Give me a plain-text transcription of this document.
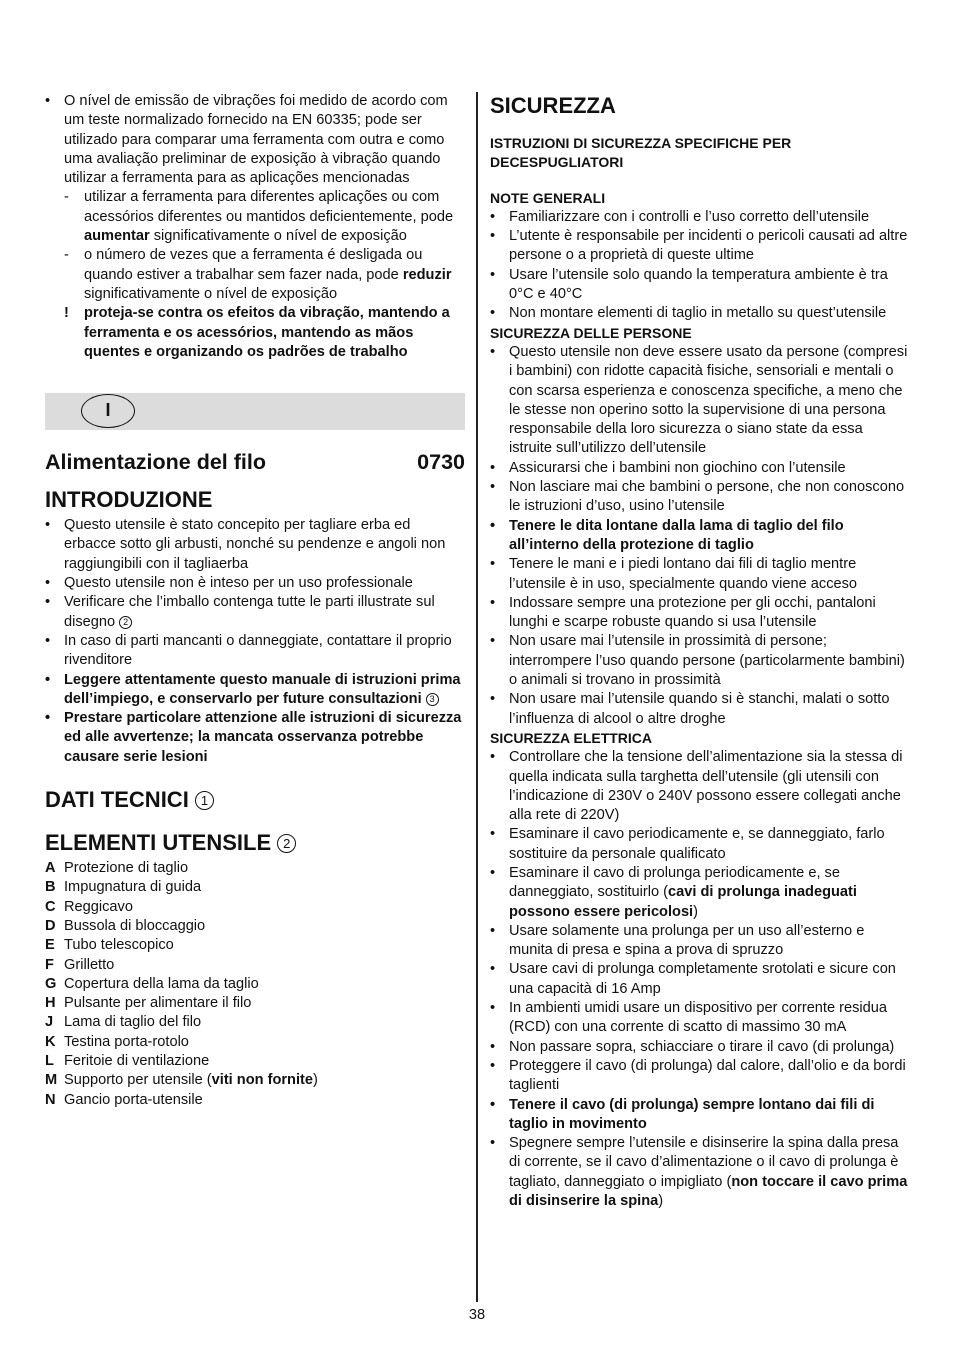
• O nível de emissão de vibrações foi medido de acordo com um teste normalizado fornecido na EN 60335; pode ser utilizado para comparar uma ferramenta com outra e como uma avaliação preliminar de exposição à vibração quando utilizar a ferramenta para as aplicações mencionadas
- utilizar a ferramenta para diferentes aplicações ou com acessórios diferentes ou mantidos deficientemente, pode aumentar significativamente o nível de exposição
- o número de vezes que a ferramenta é desligada ou quando estiver a trabalhar sem fazer nada, pode reduzir significativamente o nível de exposição
! proteja-se contra os efeitos da vibração, mantendo a ferramenta e os acessórios, mantendo as mãos quentes e organizando os padrões de trabalho
I
Alimentazione del filo	0730
INTRODUZIONE
• Questo utensile è stato concepito per tagliare erba ed erbacce sotto gli arbusti, nonché su pendenze e angoli non raggiungibili con il tagliaerba
• Questo utensile non è inteso per un uso professionale
• Verificare che l’imballo contenga tutte le parti illustrate sul disegno 2
• In caso di parti mancanti o danneggiate, contattare il proprio rivenditore
• Leggere attentamente questo manuale di istruzioni prima dell’impiego, e conservarlo per future consultazioni 3
• Prestare particolare attenzione alle istruzioni di sicurezza ed alle avvertenze; la mancata osservanza potrebbe causare serie lesioni
DATI TECNICI 1
ELEMENTI UTENSILE 2
A Protezione di taglio
B Impugnatura di guida
C Reggicavo
D Bussola di bloccaggio
E Tubo telescopico
F Grilletto
G Copertura della lama da taglio
H Pulsante per alimentare il filo
J Lama di taglio del filo
K Testina porta-rotolo
L Feritoie di ventilazione
M Supporto per utensile (viti non fornite)
N Gancio porta-utensile
SICUREZZA
ISTRUZIONI DI SICUREZZA SPECIFICHE PER DECESPUGLIATORI
NOTE GENERALI
• Familiarizzare con i controlli e l’uso corretto dell’utensile
• L’utente è responsabile per incidenti o pericoli causati ad altre persone o a proprietà di queste ultime
• Usare l’utensile solo quando la temperatura ambiente è tra 0°C e 40°C
• Non montare elementi di taglio in metallo su quest’utensile
SICUREZZA DELLE PERSONE
• Questo utensile non deve essere usato da persone (compresi i bambini) con ridotte capacità fisiche, sensoriali e mentali o con scarsa esperienza e conoscenza specifiche, a meno che le stesse non operino sotto la supervisione di una persona responsabile della loro sicurezza o siano state da essa istruite sull’utilizzo dell’utensile
• Assicurarsi che i bambini non giochino con l’utensile
• Non lasciare mai che bambini o persone, che non conoscono le istruzioni d’uso, usino l’utensile
• Tenere le dita lontane dalla lama di taglio del filo all’interno della protezione di taglio
• Tenere le mani e i piedi lontano dai fili di taglio mentre l’utensile è in uso, specialmente quando viene acceso
• Indossare sempre una protezione per gli occhi, pantaloni lunghi e scarpe robuste quando si usa l’utensile
• Non usare mai l’utensile in prossimità di persone; interrompere l’uso quando persone (particolarmente bambini) o animali si trovano in prossimità
• Non usare mai l’utensile quando si è stanchi, malati o sotto l’influenza di alcool o altre droghe
SICUREZZA ELETTRICA
• Controllare che la tensione dell’alimentazione sia la stessa di quella indicata sulla targhetta dell’utensile (gli utensili con l’indicazione di 230V o 240V possono essere collegati anche alla rete di 220V)
• Esaminare il cavo periodicamente e, se danneggiato, farlo sostituire da personale qualificato
• Esaminare il cavo di prolunga periodicamente e, se danneggiato, sostituirlo (cavi di prolunga inadeguati possono essere pericolosi)
• Usare solamente una prolunga per un uso all’esterno e munita di presa e spina a prova di spruzzo
• Usare cavi di prolunga completamente srotolati e sicure con una capacità di 16 Amp
• In ambienti umidi usare un dispositivo per corrente residua (RCD) con una corrente di scatto di massimo 30 mA
• Non passare sopra, schiacciare o tirare il cavo (di prolunga)
• Proteggere il cavo (di prolunga) dal calore, dall’olio e da bordi taglienti
• Tenere il cavo (di prolunga) sempre lontano dai fili di taglio in movimento
• Spegnere sempre l’utensile e disinserire la spina dalla presa di corrente, se il cavo d’alimentazione o il cavo di prolunga è tagliato, danneggiato o impigliato (non toccare il cavo prima di disinserire la spina)
38
